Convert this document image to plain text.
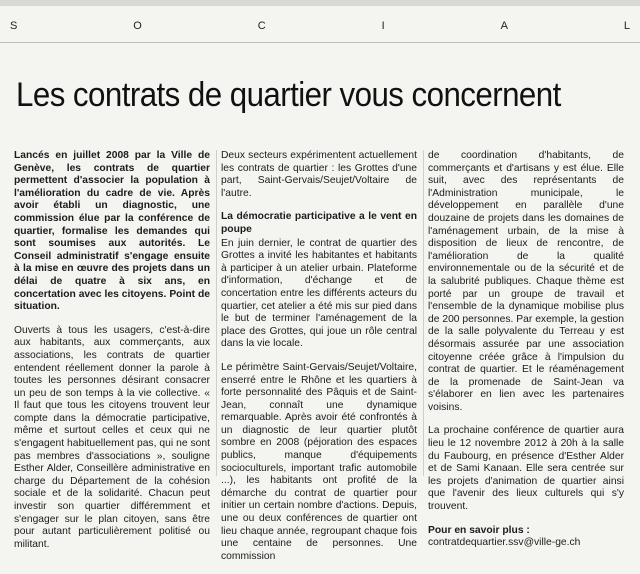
S	O	C	I	A	L
Les contrats de quartier vous concernent

Lancés en juillet 2008 par la Ville de Genève, les contrats de quartier permettent d'associer la population à l'amélioration du cadre de vie. Après avoir établi un diagnostic, une commission élue par la conférence de quartier, formalise les demandes qui sont soumises aux autorités. Le Conseil administratif s'engage ensuite à la mise en œuvre des projets dans un délai de quatre à six ans, en concertation avec les citoyens. Point de situation.

Ouverts à tous les usagers, c'est-à-dire aux habitants, aux commerçants, aux associations, les contrats de quartier entendent réellement donner la parole à toutes les personnes désirant consacrer un peu de son temps à la vie collective. « Il faut que tous les citoyens trouvent leur compte dans la démocratie participative, même et surtout celles et ceux qui ne s'engagent habituellement pas, qui ne sont pas membres d'associations », souligne Esther Alder, Conseillère administrative en charge du Département de la cohésion sociale et de la solidarité. Chacun peut investir son quartier différemment et s'engager sur le plan citoyen, sans être pour autant particulièrement politisé ou militant.

Deux secteurs expérimentent actuellement les contrats de quartier : les Grottes d'une part, Saint-Gervais/Seujet/Voltaire de l'autre.

La démocratie participative a le vent en poupe

En juin dernier, le contrat de quartier des Grottes a invité les habitantes et habitants à participer à un atelier urbain. Plateforme d'information, d'échange et de concertation entre les différents acteurs du quartier, cet atelier a été mis sur pied dans le but de terminer l'aménagement de la place des Grottes, qui joue un rôle central dans la vie locale.

Le périmètre Saint-Gervais/Seujet/Voltaire, enserré entre le Rhône et les quartiers à forte personnalité des Pâquis et de Saint-Jean, connaît une dynamique remarquable. Après avoir été confrontés à un diagnostic de leur quartier plutôt sombre en 2008 (péjoration des espaces publics, manque d'équipements socioculturels, important trafic automobile ...), les habitants ont profité de la démarche du contrat de quartier pour initier un certain nombre d'actions. Depuis, une ou deux conférences de quartier ont lieu chaque année, regroupant chaque fois une centaine de personnes. Une commission

de coordination d'habitants, de commerçants et d'artisans y est élue. Elle suit, avec des représentants de l'Administration municipale, le développement en parallèle d'une douzaine de projets dans les domaines de l'aménagement urbain, de la mise à disposition de lieux de rencontre, de l'amélioration de la qualité environnementale ou de la sécurité et de la salubrité publiques. Chaque thème est porté par un groupe de travail et l'ensemble de la dynamique mobilise plus de 200 personnes. Par exemple, la gestion de la salle polyvalente du Terreau y est désormais assurée par une association citoyenne créée grâce à l'impulsion du contrat de quartier. Et le réaménagement de la promenade de Saint-Jean va s'élaborer en lien avec les partenaires voisins.

La prochaine conférence de quartier aura lieu le 12 novembre 2012 à 20h à la salle du Faubourg, en présence d'Esther Alder et de Sami Kanaan. Elle sera centrée sur les projets d'animation de quartier ainsi que l'avenir des lieux culturels qui s'y trouvent.

Pour en savoir plus :

contratdequartier.ssv@ville-ge.ch
